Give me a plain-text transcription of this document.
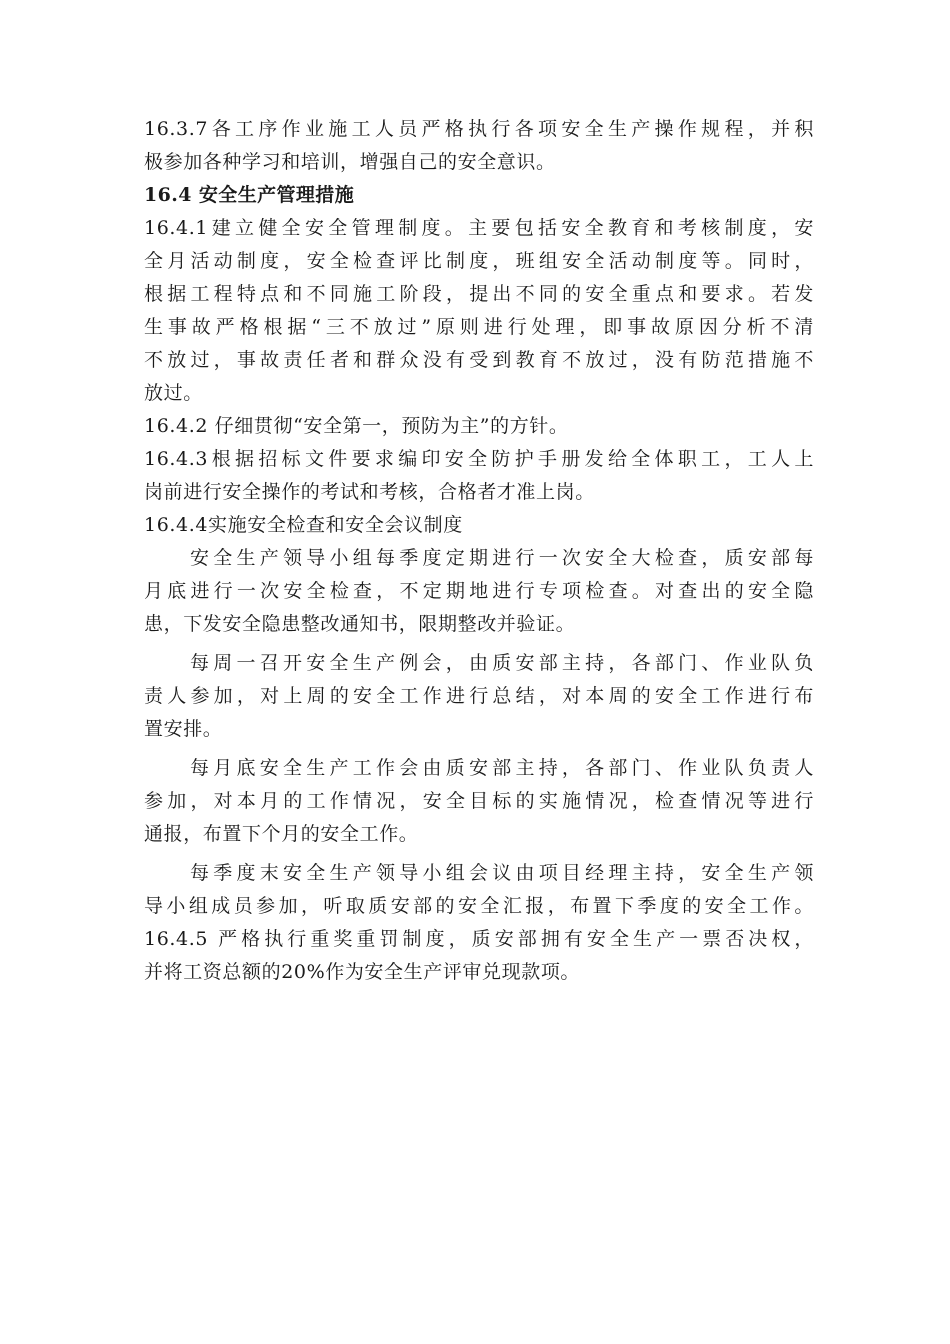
16.3.7各工序作业施工人员严格执行各项安全生产操作规程，并积
极参加各种学习和培训，增强自己的安全意识。
16.4 安全生产管理措施
16.4.1建立健全安全管理制度。主要包括安全教育和考核制度，安
全月活动制度，安全检查评比制度，班组安全活动制度等。同时，
根据工程特点和不同施工阶段，提出不同的安全重点和要求。若发
生事故严格根据“三不放过”原则进行处理，即事故原因分析不清
不放过，事故责任者和群众没有受到教育不放过，没有防范措施不
放过。
16.4.2 仔细贯彻“安全第一，预防为主”的方针。
16.4.3根据招标文件要求编印安全防护手册发给全体职工，工人上
岗前进行安全操作的考试和考核，合格者才准上岗。
16.4.4实施安全检查和安全会议制度
安全生产领导小组每季度定期进行一次安全大检查，质安部每
月底进行一次安全检查，不定期地进行专项检查。对查出的安全隐
患，下发安全隐患整改通知书，限期整改并验证。
每周一召开安全生产例会，由质安部主持，各部门、作业队负
责人参加，对上周的安全工作进行总结，对本周的安全工作进行布
置安排。
每月底安全生产工作会由质安部主持，各部门、作业队负责人
参加，对本月的工作情况，安全目标的实施情况，检查情况等进行
通报，布置下个月的安全工作。
每季度末安全生产领导小组会议由项目经理主持，安全生产领
导小组成员参加，听取质安部的安全汇报，布置下季度的安全工作。
16.4.5 严格执行重奖重罚制度，质安部拥有安全生产一票否决权，
并将工资总额的20%作为安全生产评审兑现款项。
